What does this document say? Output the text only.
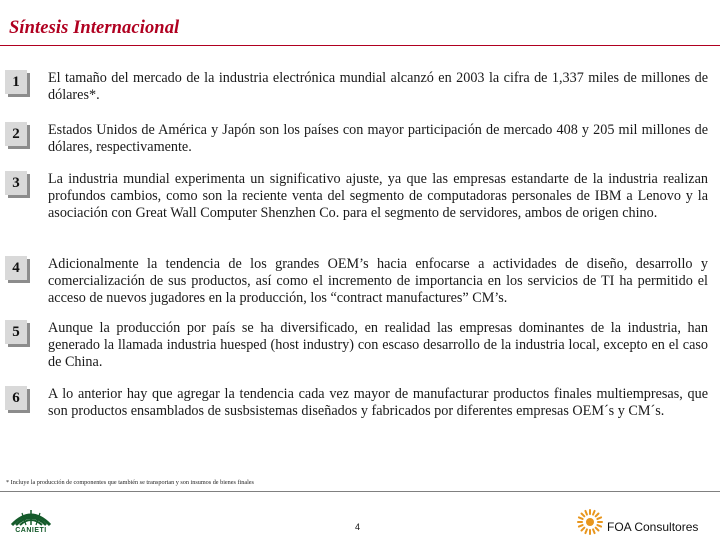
Síntesis Internacional
1	El tamaño del mercado de la industria electrónica mundial alcanzó en 2003 la cifra de 1,337 miles de millones de dólares*.

2	Estados Unidos de América y Japón son los países con mayor participación de mercado 408 y 205 mil millones de dólares, respectivamente.

3	La industria mundial experimenta un significativo ajuste, ya que las empresas estandarte de la industria realizan profundos cambios, como son la reciente venta del segmento de computadoras personales de IBM a Lenovo y la asociación con Great Wall Computer Shenzhen Co. para el segmento de servidores, ambos de origen chino.

4	Adicionalmente la tendencia de los grandes OEM’s hacia enfocarse a actividades de diseño, desarrollo y comercialización de sus productos, así como el incremento de importancia en los servicios de TI ha permitido el acceso de nuevos jugadores en la producción, los “contract manufactures” CM’s.

5	Aunque la producción por país se ha diversificado, en realidad las empresas dominantes de la industria, han generado la llamada industria huesped (host industry) con escaso desarrollo de la industria local, excepto en el caso de China.

6	A lo anterior hay que agregar la tendencia cada vez mayor de manufacturar productos finales multiempresas, que son productos ensamblados de susbsistemas diseñados y fabricados por diferentes empresas OEM´s y CM´s.

* Incluye la producción de componentes que también se transportan y son insumos de bienes finales
CANIETI	4	FOA Consultores
